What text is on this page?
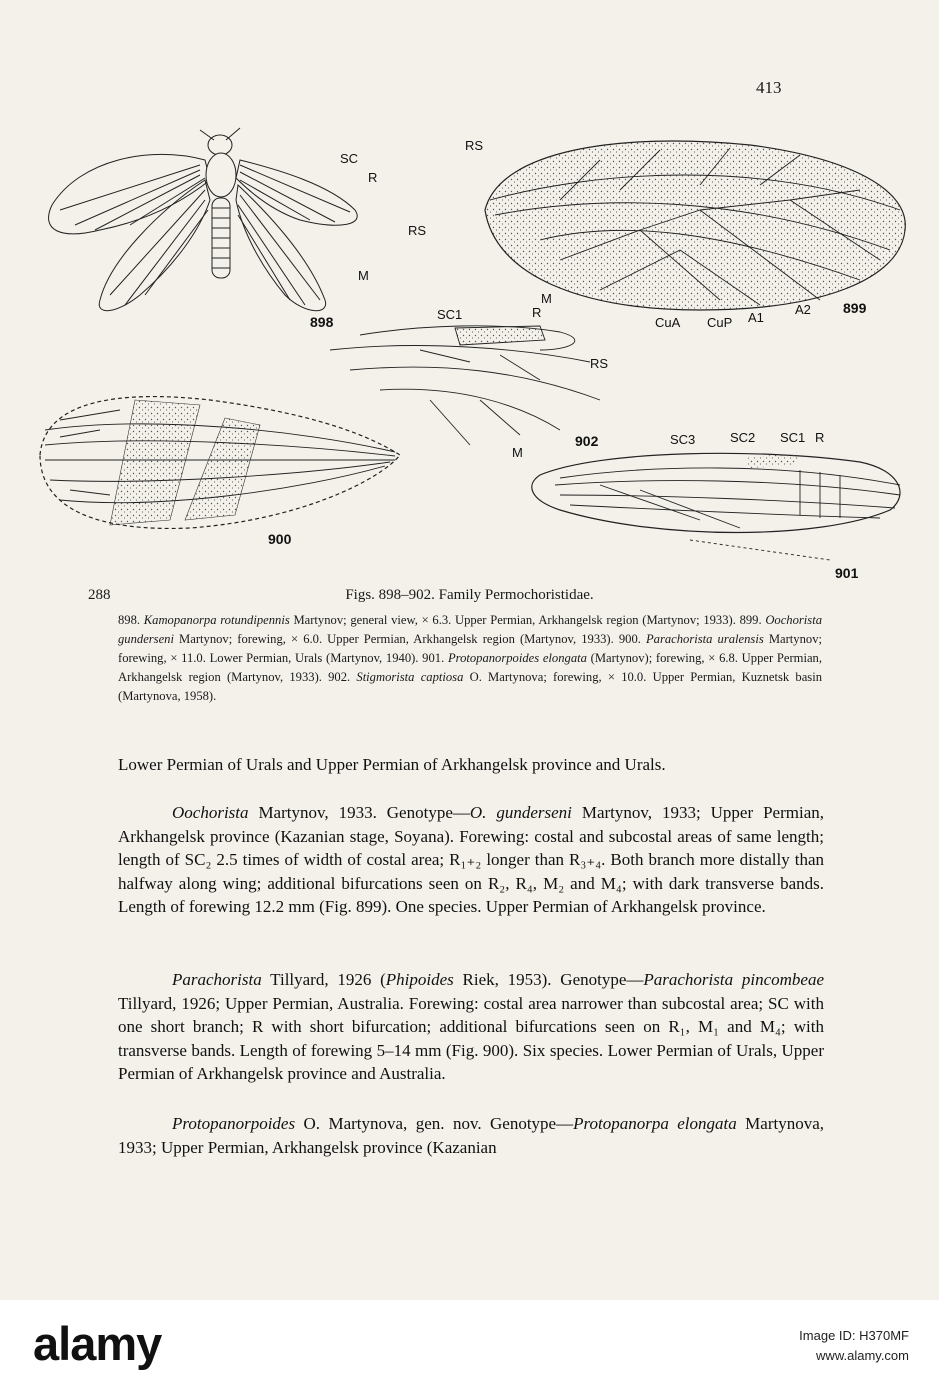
413
SC
R
RS
M
898
RS
M
CuA CuP A1
A2 899
SC1	R
RS
M
902
900
SC3	SC2 SC1 R
901
288	Figs. 898–902. Family Permochoristidae.

898. Kamopanorpa rotundipennis Martynov; general view, × 6.3. Upper Permian, Arkhangelsk region (Martynov; 1933). 899. Oochorista gunderseni Martynov; forewing, × 6.0. Upper Permian, Arkhangelsk region (Martynov, 1933). 900. Parachorista uralensis Martynov; forewing, × 11.0. Lower Permian, Urals (Martynov, 1940). 901. Protopanorpoides elongata (Martynov); forewing, × 6.8. Upper Permian, Arkhangelsk region (Martynov, 1933). 902. Stigmorista captiosa O. Martynova; forewing, × 10.0. Upper Permian, Kuznetsk basin (Martynova, 1958).

Lower Permian of Urals and Upper Permian of Arkhangelsk province and Urals.

Oochorista Martynov, 1933. Genotype—O. gunderseni Martynov, 1933; Upper Permian, Arkhangelsk province (Kazanian stage, Soyana). Forewing: costal and subcostal areas of same length; length of SC₂ 2.5 times of width of costal area; R₁₊₂ longer than R₃₊₄. Both branch more distally than halfway along wing; additional bifurcations seen on R₂, R₄, M₂ and M₄; with dark transverse bands. Length of forewing 12.2 mm (Fig. 899). One species. Upper Permian of Arkhangelsk province.

Parachorista Tillyard, 1926 (Phipoides Riek, 1953). Genotype—Parachorista pincombeae Tillyard, 1926; Upper Permian, Australia. Forewing: costal area narrower than subcostal area; SC with one short branch; R with short bifurcation; additional bifurcations seen on R₁, M₁ and M₄; with transverse bands. Length of forewing 5–14 mm (Fig. 900). Six species. Lower Permian of Urals, Upper Permian of Arkhangelsk province and Australia.

Protopanorpoides O. Martynova, gen. nov. Genotype—Protopanorpa elongata Martynova, 1933; Upper Permian, Arkhangelsk province (Kazanian

alamy	Image ID: H370MF
www.alamy.com
